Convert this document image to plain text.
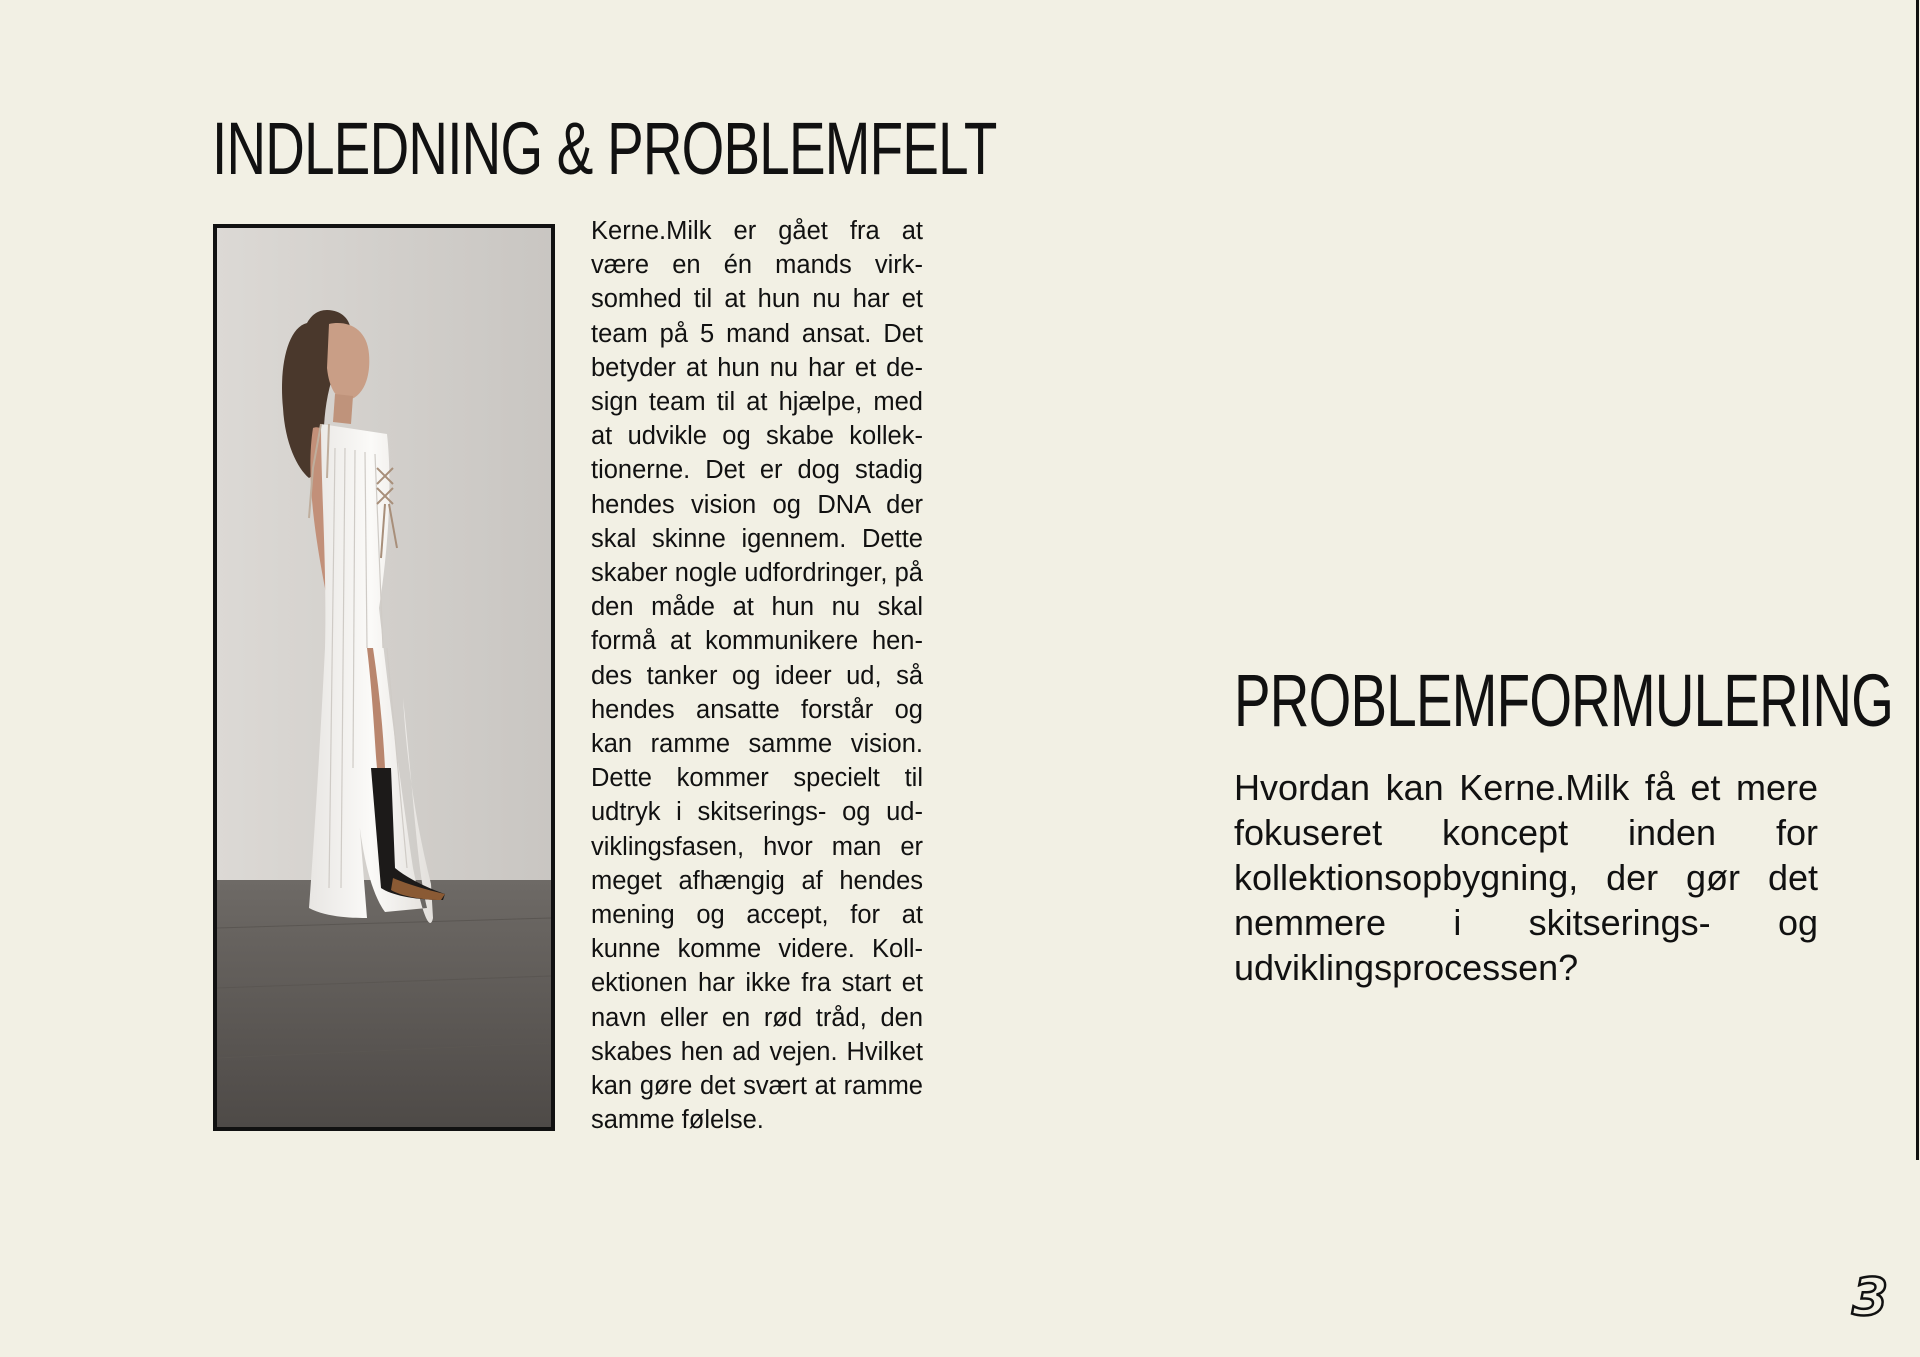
INDLEDNING & PROBLEMFELT

Kerne.Milk er gået fra at være en én mands virksomhed til at hun nu har et team på 5 mand ansat. Det betyder at hun nu har et design team til at hjælpe, med at udvikle og skabe kollektionerne. Det er dog stadig hendes vision og DNA der skal skinne igennem. Dette skaber nogle udfordringer, på den måde at hun nu skal formå at kommunikere hendes tanker og ideer ud, så hendes ansatte forstår og kan ramme samme vision. Dette kommer specielt til udtryk i skitserings- og udviklingsfasen, hvor man er meget afhængig af hendes mening og accept, for at kunne komme videre. Kollektionen har ikke fra start et navn eller en rød tråd, den skabes hen ad vejen. Hvilket kan gøre det svært at ramme samme følelse.

PROBLEMFORMULERING

Hvordan kan Kerne.Milk få et mere fokuseret koncept inden for kollektionsopbygning, der gør det nemmere i skitserings- og udviklingsprocessen?

3
